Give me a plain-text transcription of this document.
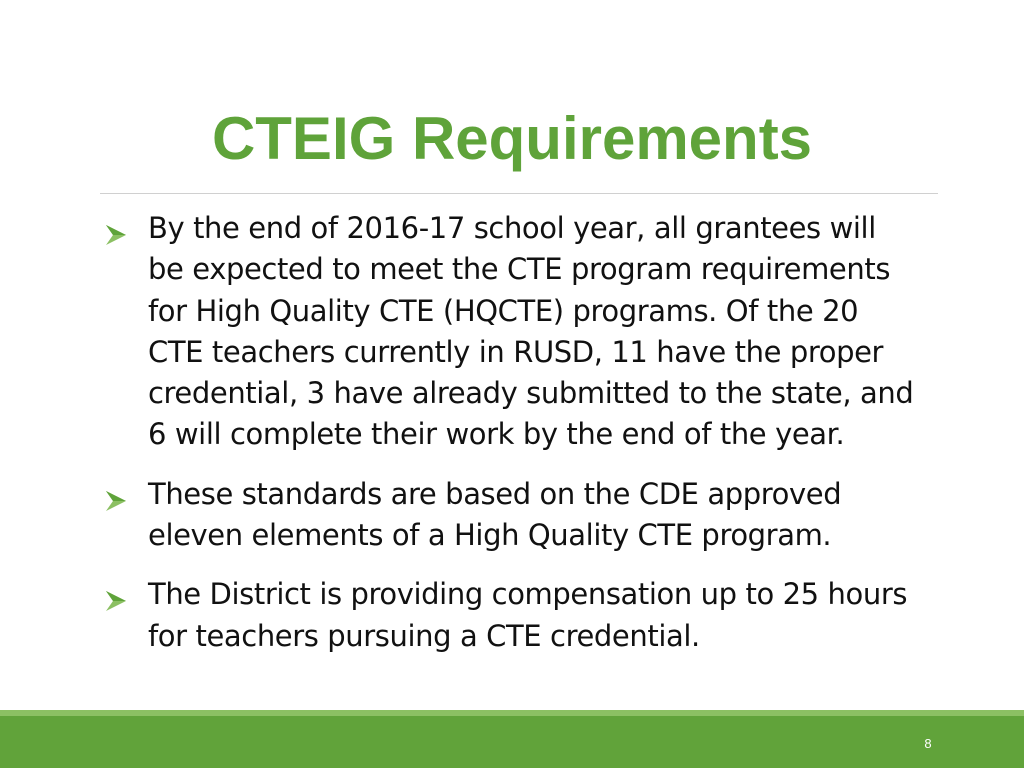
CTEIG Requirements
By the end of 2016-17 school year, all grantees will be expected to meet the CTE program requirements for High Quality CTE (HQCTE) programs. Of the 20 CTE teachers currently in RUSD, 11 have the proper credential, 3 have already submitted to the state, and 6 will complete their work by the end of the year.
These standards are based on the CDE approved eleven elements of a High Quality CTE program.
The District is providing compensation up to 25 hours for teachers pursuing a CTE credential.
8
